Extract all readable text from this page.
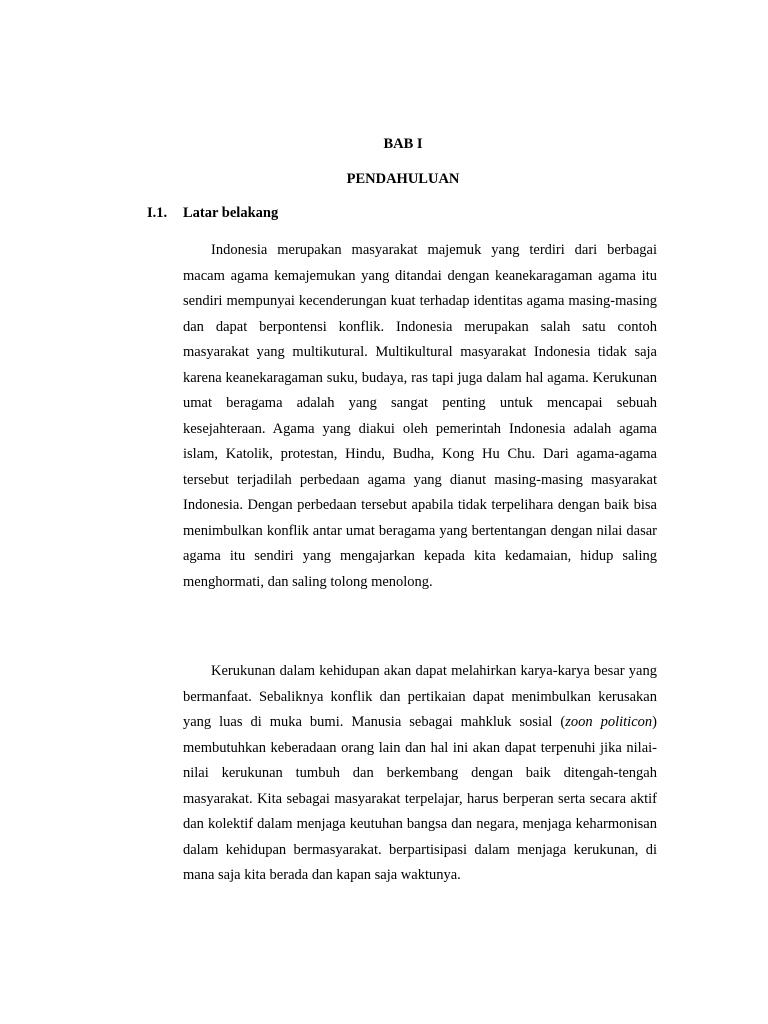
BAB I
PENDAHULUAN
I.1. Latar belakang

Indonesia merupakan masyarakat majemuk yang terdiri dari berbagai macam agama kemajemukan yang ditandai dengan keanekaragaman agama itu sendiri mempunyai kecenderungan kuat terhadap identitas agama masing-masing dan dapat berpontensi konflik. Indonesia merupakan salah satu contoh masyarakat yang multikutural. Multikultural masyarakat Indonesia tidak saja karena keanekaragaman suku, budaya, ras tapi juga dalam hal agama. Kerukunan umat beragama adalah yang sangat penting untuk mencapai sebuah kesejahteraan. Agama yang diakui oleh pemerintah Indonesia adalah agama islam, Katolik, protestan, Hindu, Budha, Kong Hu Chu. Dari agama-agama tersebut terjadilah perbedaan agama yang dianut masing-masing masyarakat Indonesia. Dengan perbedaan tersebut apabila tidak terpelihara dengan baik bisa menimbulkan konflik antar umat beragama yang bertentangan dengan nilai dasar agama itu sendiri yang mengajarkan kepada kita kedamaian, hidup saling menghormati, dan saling tolong menolong.

Kerukunan dalam kehidupan akan dapat melahirkan karya-karya besar yang bermanfaat. Sebaliknya konflik dan pertikaian dapat menimbulkan kerusakan yang luas di muka bumi. Manusia sebagai mahkluk sosial (zoon politicon) membutuhkan keberadaan orang lain dan hal ini akan dapat terpenuhi jika nilai-nilai kerukunan tumbuh dan berkembang dengan baik ditengah-tengah masyarakat. Kita sebagai masyarakat terpelajar, harus berperan serta secara aktif dan kolektif dalam menjaga keutuhan bangsa dan negara, menjaga keharmonisan dalam kehidupan bermasyarakat. berpartisipasi dalam menjaga kerukunan, di mana saja kita berada dan kapan saja waktunya.
